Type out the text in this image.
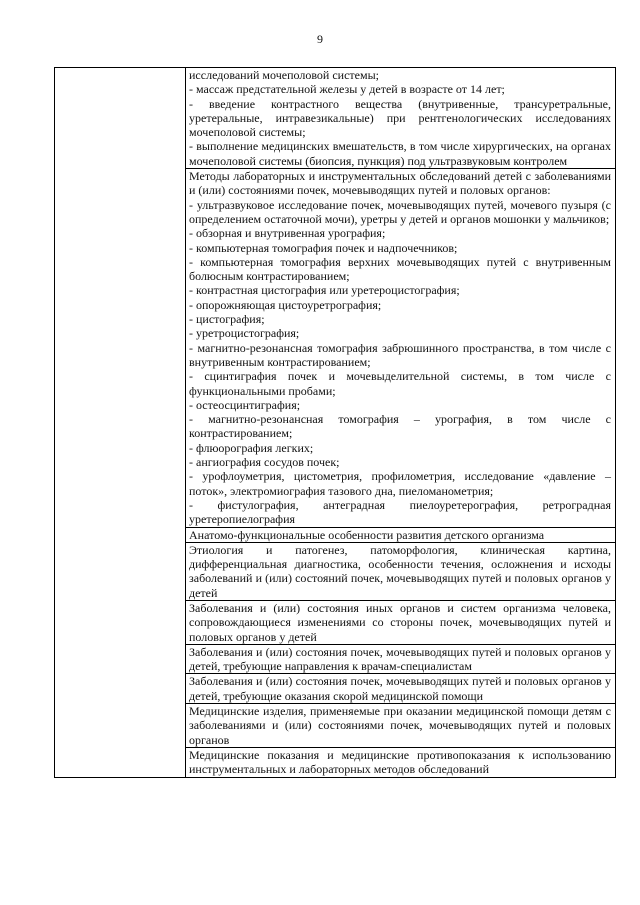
9

исследований мочеполовой системы;
- массаж предстательной железы у детей в возрасте от 14 лет;
- введение контрастного вещества (внутривенные, трансуретральные, уретеральные, интравезикальные) при рентгенологических исследованиях мочеполовой системы;
- выполнение медицинских вмешательств, в том числе хирургических, на органах мочеполовой системы (биопсия, пункция) под ультразвуковым контролем

Методы лабораторных и инструментальных обследований детей с заболеваниями и (или) состояниями почек, мочевыводящих путей и половых органов:
- ультразвуковое исследование почек, мочевыводящих путей, мочевого пузыря (с определением остаточной мочи), уретры у детей и органов мошонки у мальчиков;
- обзорная и внутривенная урография;
- компьютерная томография почек и надпочечников;
- компьютерная томография верхних мочевыводящих путей с внутривенным болюсным контрастированием;
- контрастная цистография или уретероцистография;
- опорожняющая цистоуретрография;
- цистография;
- уретроцистография;
- магнитно-резонансная томография забрюшинного пространства, в том числе с внутривенным контрастированием;
- сцинтиграфия почек и мочевыделительной системы, в том числе с функциональными пробами;
- остеосцинтиграфия;
- магнитно-резонансная томография – урография, в том числе с контрастированием;
- флюорография легких;
- ангиография сосудов почек;
- урофлоуметрия, цистометрия, профилометрия, исследование «давление – поток», электромиография тазового дна, пиеломанометрия;
- фистулография, антеградная пиелоуретерография, ретроградная уретеропиелография

Анатомо-функциональные особенности развития детского организма

Этиология и патогенез, патоморфология, клиническая картина, дифференциальная диагностика, особенности течения, осложнения и исходы заболеваний и (или) состояний почек, мочевыводящих путей и половых органов у детей

Заболевания и (или) состояния иных органов и систем организма человека, сопровождающиеся изменениями со стороны почек, мочевыводящих путей и половых органов у детей

Заболевания и (или) состояния почек, мочевыводящих путей и половых органов у детей, требующие направления к врачам-специалистам

Заболевания и (или) состояния почек, мочевыводящих путей и половых органов у детей, требующие оказания скорой медицинской помощи

Медицинские изделия, применяемые при оказании медицинской помощи детям с заболеваниями и (или) состояниями почек, мочевыводящих путей и половых органов

Медицинские показания и медицинские противопоказания к использованию инструментальных и лабораторных методов обследований
